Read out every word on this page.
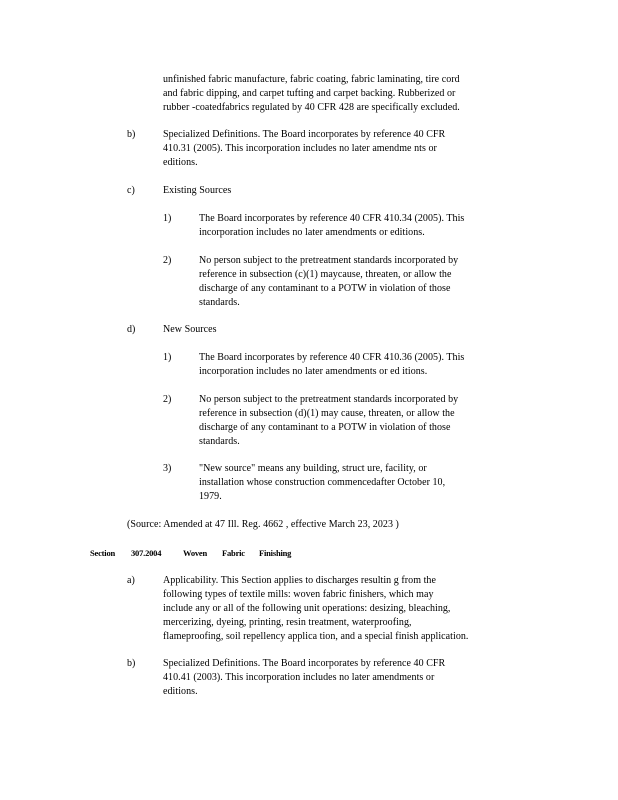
unfinished fabric manufacture, fabric coating, fabric laminating, tire cord
and fabric dipping, and carpet tufting and carpet backing. Rubberized or
rubber -coatedfabrics regulated by 40 CFR 428 are specifically excluded.
b)	Specialized Definitions. The Board incorporates by reference 40 CFR
410.31 (2005). This incorporation includes no later amendme nts or
editions.
c)	Existing Sources
1)	The Board incorporates by reference 40 CFR 410.34 (2005). This
incorporation includes no later amendments or editions.
2)	No person subject to the pretreatment standards incorporated by
reference in subsection (c)(1) maycause, threaten, or allow the
discharge of any contaminant to a POTW in violation of those
standards.
d)	New Sources
1)	The Board incorporates by reference 40 CFR 410.36 (2005). This
incorporation includes no later amendments or ed itions.
2)	No person subject to the pretreatment standards incorporated by
reference in subsection (d)(1) may cause, threaten, or allow the
discharge of any contaminant to a POTW in violation of those
standards.
3)	"New source" means any building, struct ure, facility, or
installation whose construction commencedafter October 10,
1979.
(Source: Amended at 47 Ill. Reg. 4662 , effective March 23, 2023 )
Section 307.2004	Woven Fabric Finishing
a)	Applicability. This Section applies to discharges resultin g from the
following types of textile mills: woven fabric finishers, which may
include any or all of the following unit operations: desizing, bleaching,
mercerizing, dyeing, printing, resin treatment, waterproofing,
flameproofing, soil repellency applica tion, and a special finish application.
b)	Specialized Definitions. The Board incorporates by reference 40 CFR
410.41 (2003). This incorporation includes no later amendments or
editions.
